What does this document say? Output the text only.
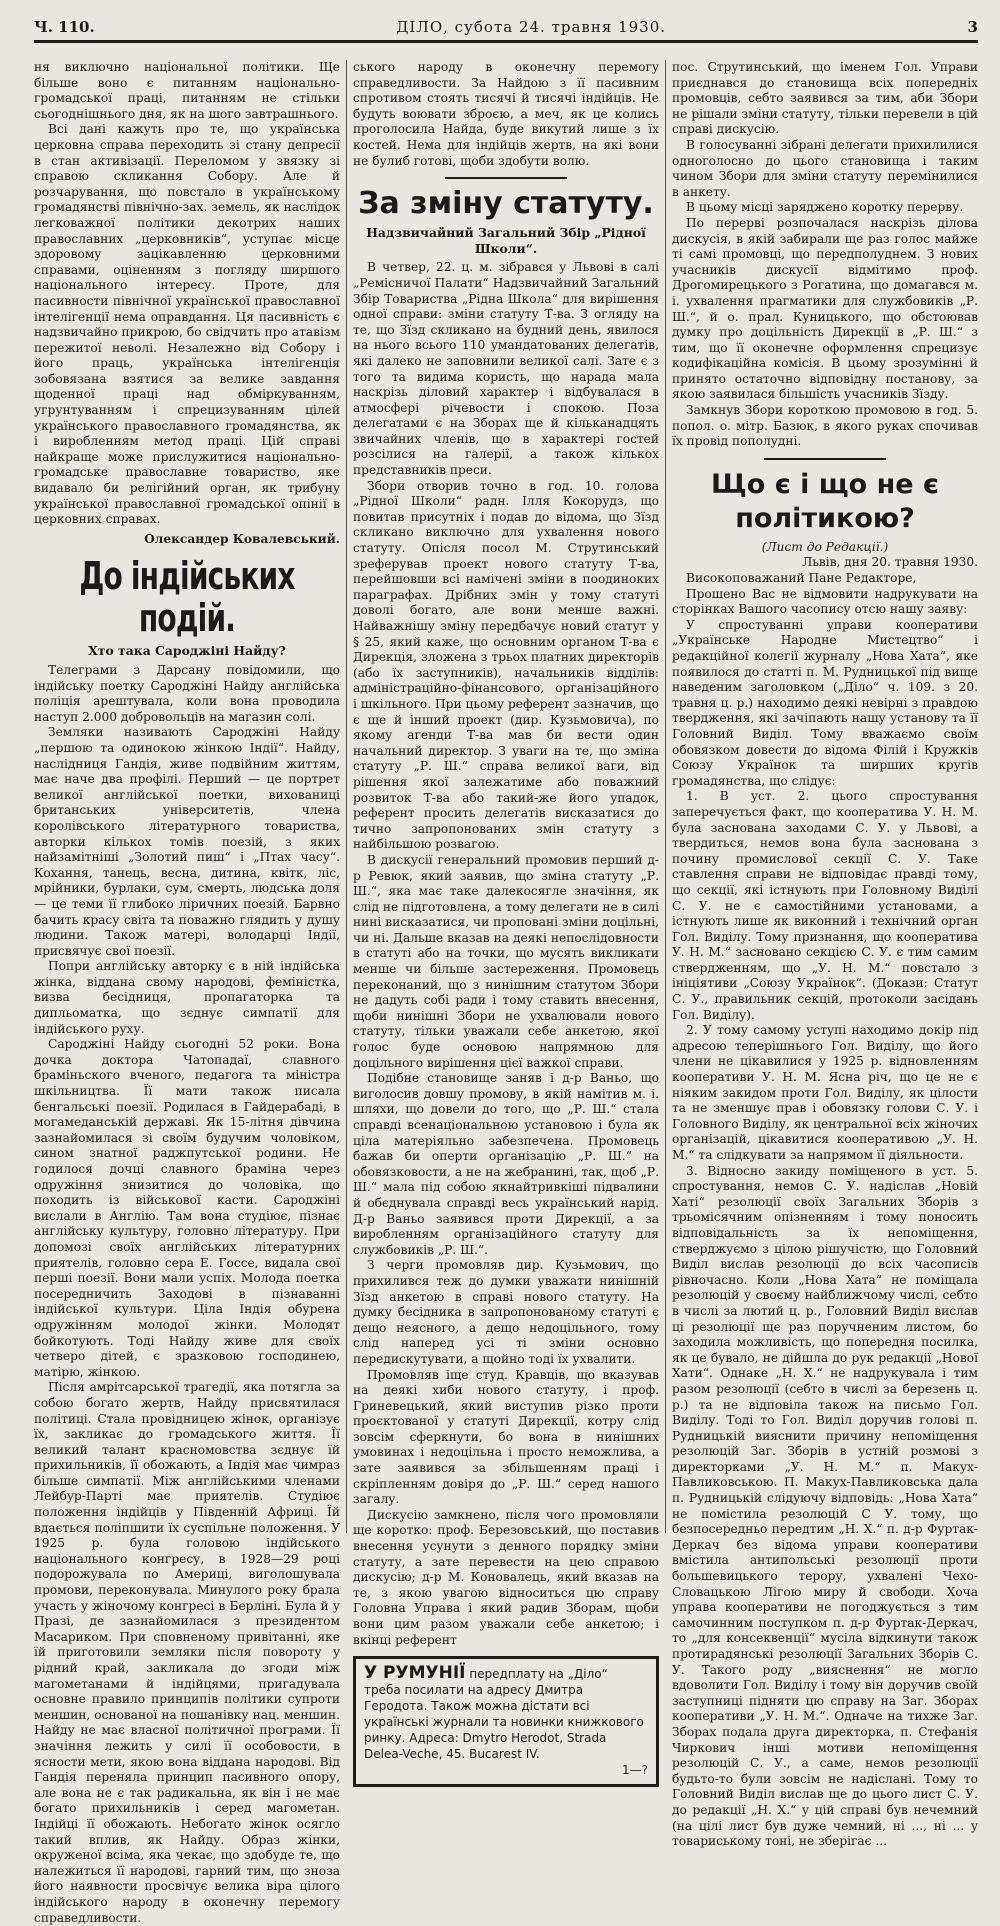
Ч. 110.	ДІЛО, субота 24. травня 1930.	3

ня виключно національної політики. Ще більше воно є питанням національно-громадської праці, питанням не стільки сьогоднішнього дня, як на шого завтрашнього.

Всі дані кажуть про те, що українська церковна справа переходить зі стану депресії в стан активізації. Переломом у звязку зі справою скликання Собору. Але й розчарування, що повстало в українському громадянстві північно-зах. земель, як наслідок легковажної політики декотрих наших православних „церковників“, уступає місце здоровому зацікавленню церковними справами, оціненням з погляду ширшого національного інтересу. Проте, для пасивности північної української православної інтелігенції нема оправдання. Ця пасивність є надзвичайно прикрою, бо свідчить про атавізм пережитої неволі. Незалежно від Собору і його праць, українська інтелігенція зобовязана взятися за велике завдання щоденної праці над обміркуванням, угрунтуванням і спрецизуванням цілей українського православного громадянства, як і виробленням метод праці. Цій справі найкраще може прислужитися національно-громадське православне товариство, яке видавало би релігійний орган, як трибуну української православної громадської опінії в церковних справах.

Олександер Ковалевський.
До індійських подій.
Хто така Сароджіні Найду?

Телеграми з Дарсану повідомили, що індійську поетку Сароджіні Найду англійська поліція арештувала, коли вона проводила наступ 2.000 добровольців на магазин солі.

Земляки називають Сароджіні Найду „першою та одинокою жінкою Індії“. Найду, наслідниця Гандія, живе подвійним життям, має наче два профілі. Перший — це портрет великої англійської поетки, вихованиці британських університетів, члена королівського літературного товариства, авторки кількох томів поезій, з яких найзамітніші „Золотий пиш“ і „Птах часу“. Кохання, танець, весна, дитина, квітк, ліс, мрійники, бурлаки, сум, смерть, людська доля — це теми її глибоко ліричних поезій. Барвно бачить красу світа та поважно глядить у душу людини. Також матері, володарці Індії, присвячує свої поезії.

Попри англійську авторку є в ній індійська жінка, віддана свому народові, феміністка, визва бесідниця, пропагаторка та дипльоматка, що зєднує симпатії для індійського руху.

Сароджіні Найду сьогодні 52 роки. Вона дочка доктора Чатопадаї, славного браміньского вченого, педагога та міністра шкільництва. Її мати також писала бенгальські поезії. Родилася в Гайдерабаді, в могамеданській державі. Як 15-літня дівчина зазнайомилася зі своїм будучим чоловіком, сином знатної раджпутської родини. Не годилося дочці славного браміна через одружіння знизитися до чоловіка, що походить із військової касти. Сароджіні вислали в Англію. Там вона студіює, пізнає англійську культуру, головно літературу. При допомозі своїх англійських літературних приятелів, головно сера Е. Госсе, видала свої перші поезії. Вони мали успіх. Молода поетка посередничить Заходові в пізнаванні індійської культури. Ціла Індія обурена одружінням молодої жінки. Молодят бойкотують. Тоді Найду живе для своїх четверо дітей, є зразковою господинею, матірю, жінкою.

Після амрітсарської трагедії, яка потягла за собою богато жертв, Найду присвятилася політиці. Стала провідницею жінок, організує їх, закликає до громадського життя. Її великий талант красномовства зєднує їй прихильників, її обожають, а Індія має чимраз більше симпатії. Між англійськими членами Лейбур-Парті має приятелів. Студіює положення індійців у Південній Африці. Їй вдається поліпшити їх суспільне положення. У 1925 р. була головою індійського національного конгресу, в 1928—29 році подорожувала по Америці, виголошувала промови, переконувала. Минулого року брала участь у жіночому конгресі в Берліні. Була й у Празі, де зазнайомилася з президентом Масариком. При сповненому привітанні, яке їй приготовили земляки після повороту у рідний край, закликала до згоди між магометанами й індійцями, пригадувала основне правило принципів політики супроти меншин, основаної на пошанівку нац. меншин. Найду не має власної політичної програми. Її значіння лежить у силі її особовости, в ясности мети, якою вона віддана народові. Від Гандія переняла принцип пасивного опору, але вона не є так радикальна, як він і не має богато прихильників і серед магометан. Індійці її обожають. Небогато жінок осягло такий вплив, як Найду. Образ жінки, окруженої всіма, яка чекає, що здобуде те, що належиться її народові, гарний тим, що зноза його наявности просвічує велика віра цілого індійського народу в оконечну перемогу справедливости.

ського народу в оконечну перемогу справедливости. За Найдою з її пасивним спротивом стоять тисячі й тисячі індійців. Не будуть воювати зброєю, а меч, як це колись проголосила Найда, буде викутий лише з їх костей. Нема для індійців жертв, на які вони не булиб готові, щоби здобути волю.

За зміну статуту.
Надзвичайний Загальний Збір „Рідної Школи“.

В четвер, 22. ц. м. зібрався у Львові в салі „Ремісничої Палати“ Надзвичайний Загальний Збір Товариства „Рідна Школа“ для вирішення одної справи: зміни статуту Т-ва. З огляду на те, що Зїзд скликано на будний день, явилося на нього всього 110 умандатованих делегатів, які далеко не заповнили великої салі. Зате є з того та видима користь, що нарада мала наскрізь діловий характер і відбувалася в атмосфері річевости і спокою. Поза делегатами є на Зборах ще й кільканадцять звичайних членів, що в характері гостей розсілися на галерії, а також кількох представників преси.

Збори отворив точно в год. 10. голова „Рідної Школи“ радн. Ілля Кокорудз, що повитав присутніх і подав до відома, що Зїзд скликано виключно для ухвалення нового статуту. Опісля посол М. Струтинський зреферував проект нового статуту Т-ва, перейшовши всі намічені зміни в поодиноких параграфах. Дрібних змін у тому статуті доволі богато, але вони менше важні. Найважнішу зміну передбачує новий статут у § 25, який каже, що основним органом Т-ва є Дирекція, зложена з трьох платних директорів (або їх заступників), начальників відділів: адміністраційно-фінансового, організаційного і шкільного. При цьому референт зазначив, що є ще й інший проект (дир. Кузьмовича), по якому агенди Т-ва мав би вести один начальний директор. З уваги на те, що зміна статуту „Р. Ш.“ справа великої ваги, від рішення якої залежатиме або поважний розвиток Т-ва або такий-же його упадок, референт просить делегатів висказатися до тично запропонованих змін статуту з найбільшою розвагою.

В дискусії генеральний промовив перший д-р Ревюк, який заявив, що зміна статуту „Р. Ш.“, яка має таке далекосягле значіння, як слід не підготовлена, а тому делегати не в силі нині висказатися, чи проповані зміни доцільні, чи ні. Дальше вказав на деякі непослідовности в статуті або на точки, що мусять викликати менше чи більше застереження. Промовець переконаний, що з нинішним статутом Збори не дадуть собі ради і тому ставить внесення, щоби нинішні Збори не ухвалювали нового статуту, тільки уважали себе анкетою, якої голос буде основою напрямною для доцільного вирішення цієї важкої справи.

Подібне становище заняв і д-р Ваньо, що виголосив довшу промову, в якій намітив м. і. шляхи, що довели до того, що „Р. Ш.“ стала справді всенаціональною установою і була як ціла матеріяльно забезпечена. Промовець бажав би оперти організацію „Р. Ш.“ на обовязковости, а не на жебранині, так, щоб „Р. Ш.“ мала під собою якнайтривкіші підвалини й обєднувала справді весь український нарід. Д-р Ваньо заявився проти Дирекції, а за виробленням організаційного статуту для службовиків „Р. Ш.“.

З черги промовляв дир. Кузьмович, що прихилився теж до думки уважати нинішній Зїзд анкетою в справі нового статуту. На думку бесідника в запропонованому статуті є дещо неясного, а дещо недоцільного, тому слід наперед усі ті зміни основно передискутувати, а щойно тоді їх ухвалити.

Промовляв іще студ. Кравців, що вказував на деякі хиби нового статуту, і проф. Гриневецький, який виступив різко проти проєктованої у статуті Дирекції, котру слід зовсім сферкнути, бо вона в нинішних умовинах і недоцільна і просто неможлива, а зате заявився за збільшенням праці і скріпленням довіря до „Р. Ш.“ серед нашого загалу.

Дискусію замкнено, після чого промовляли ще коротко: проф. Березовський, що поставив внесення усунути з денного порядку зміни статуту, а зате перевести на цею справою дискусію; д-р М. Коновалець, який вказав на те, з якою увагою відноситься цю справу Головна Управа і який радив Зборам, щоби вони цим разом уважали себе анкетою; і вкінці референт

У РУМУНІЇ передплату на „Діло“
треба посилати на адресу Дмитра Геродота. Також можна дістати всі українські журнали та новинки книжкового ринку. Адреса: Dmytro Herodot, Strada Delea-Veche, 45. Bucarest IV.
1—?

пос. Струтинський, що іменем Гол. Управи приєднався до становища всіх попередніх промовців, себто заявився за тим, аби Збори не рішали зміни статуту, тільки перевели в цій справі дискусію.

В голосуванні зібрані делегати прихилилися одноголосно до цього становища і таким чином Збори для зміни статуту перемінилися в анкету.

В цьому місці заряджено коротку перерву.

По перерві розпочалася наскрізь ділова дискусія, в якій забирали ще раз голос майже ті самі промовці, що передполуднем. З нових учасників дискусії відмітимо проф. Дрогомирецького з Рогатина, що домагався м. і. ухвалення прагматики для службовиків „Р. Ш.“, й о. прал. Куницького, що обстоював думку про доцільність Дирекції в „Р. Ш.“ з тим, що її оконечне оформлення спрецизує кодифікаційна комісія. В цьому зрозумінні й принято остаточно відповідну постанову, за якою заявилася більшість учасників Зїзду.

Замкнув Збори короткою промовою в год. 5. попол. о. мітр. Базюк, в якого руках спочивав їх провід пополудні.

Що є і що не є політикою?
(Лист до Редакції.)
Львів, дня 20. травня 1930.

Високоповажаний Пане Редакторе,

Прошено Вас не відмовити надрукувати на сторінках Вашого часопису отсю нашу заяву:

У спростуванні управи кооперативи „Українське Народне Мистецтво“ і редакційної колегії журналу „Нова Хата“, яке появилося до статті п. М. Рудницької під вище наведеним заголовком („Діло“ ч. 109. з 20. травня ц. р.) находимо деякі невірні з правдою твердження, які зачіпають нашу установу та її Головний Виділ. Тому вважаємо своїм обовязком довести до відома Філій і Кружків Союзу Українок та ширших кругів громадянства, що слідує:

1. В уст. 2. цього спростування заперечується факт, що кооператива У. Н. М. була заснована заходами С. У. у Львові, а твердиться, немов вона була заснована з почину промислової секції С. У. Таке ставлення справи не відповідає правді тому, що секції, які істнують при Головному Виділі С. У. не є самостійними установами, а істнують лише як виконний і технічний орган Гол. Виділу. Тому признання, що кооператива У. Н. М.“ засновано секцією С. У. є тим самим ствердженням, що „У. Н. М.“ повстало з ініціятиви „Союзу Українок“. (Докази: Статут С. У., правильник секцій, протоколи засідань Гол. Виділу).

2. У тому самому уступі находимо докір під адресою теперішнього Гол. Виділу, що його члени не цікавилися у 1925 р. відновленням кооперативи У. Н. М. Ясна річ, що це не є ніяким закидом проти Гол. Виділу, як цілости та не зменшує прав і обовязку голови С. У. і Головного Виділу, як центральної всіх жіночих організацій, цікавитися кооперативою „У. Н. М.“ та слідкувати за напрямом її діяльности.

3. Відносно закиду поміщеного в уст. 5. спростування, немов С. У. надіслав „Новій Хаті“ резолюції своїх Загальних Зборів з трьомісячним опізненням і тому поносить відповідальність за їх непоміщення, стверджуємо з цілою рішучістю, що Головний Виділ вислав резолюції до всіх часописів рівночасно. Коли „Нова Хата“ не поміщала резолюцій у своєму найближчому числі, себто в числі за лютий ц. р., Головний Виділ вислав ці резолюції ще раз поручненим листом, бо заходила можливість, що попередня посилка, як це бувало, не дійшла до рук редакції „Нової Хати“. Однаке „Н. Х.“ не надрукувала і тим разом резолюції (себто в числі за березень ц. р.) та не відповіла також на письмо Гол. Виділу. Тоді то Гол. Виділ доручив голові п. Рудницькій вияснити причину непоміщення резолюцій Заг. Зборів в устній розмові з директорками „У. Н. М.“ п. Макух-Павликовською. П. Макух-Павликовська дала п. Рудницькій слідуючу відповідь: „Нова Хата“ не помістила резолюцій С У. тому, що безпосередньо передтим „Н. Х.“ п. д-р Фуртак-Деркач без відома управи кооперативи вмістила антипольські резолюції проти большевицького терору, ухвалені Чехо-Словацькою Лігою миру й свободи. Хоча управа кооперативи не погоджується з тим самочинним поступком п. д-р Фуртак-Деркач, то „для консеквенції“ мусіла відкинути також протирадянські резолюції Загальних Зборів С. У. Такого роду „вияснення“ не могло вдоволити Гол. Виділу і тому він доручив своїй заступниці підняти цю справу на Заг. Зборах кооперативи „У. Н. М.“. Одначе на тихже Заг. Зборах подала друга директорка, п. Стефанія Чиркович інші мотиви непоміщення резолюцій С. У., а саме, немов резолюції будьто-то були зовсім не надіслані. Тому то Головний Виділ вислав ще до цього лист С. У. до редакції „Н. Х.“ у цій справі був нечемний (на цілі лист був дуже чемний, ні ..., ні ... у товариському тоні, не зберігає ...
